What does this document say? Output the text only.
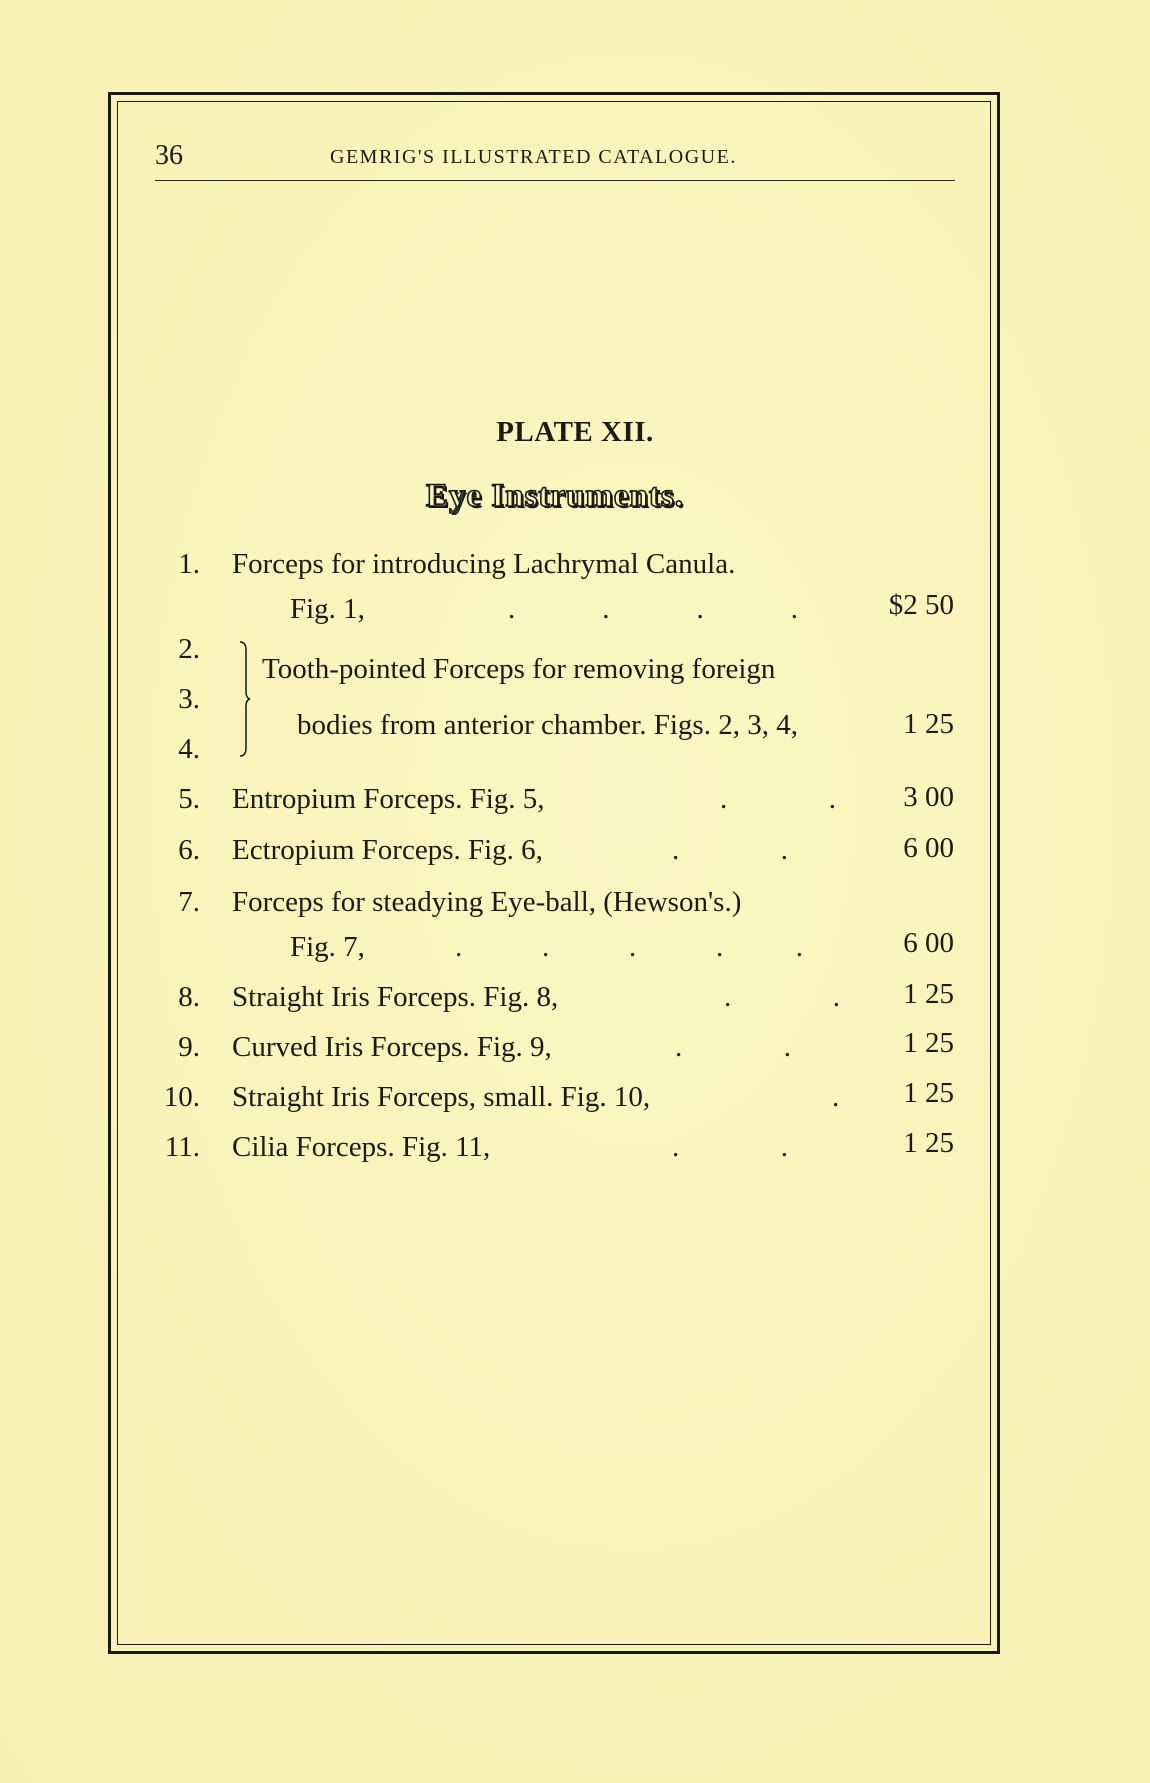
36	GEMRIG'S ILLUSTRATED CATALOGUE.
PLATE XII.
Eye Instruments.
1. Forceps for introducing Lachrymal Canula.
Fig. 1,	.            .            .            .	$2 50
2.
3.
4.
Tooth-pointed Forceps for removing foreign
bodies from anterior chamber. Figs. 2, 3, 4,	1 25
5. Entropium Forceps. Fig. 5,	.              .	3 00
6. Ectropium Forceps. Fig. 6,	.              .	6 00
7. Forceps for steadying Eye-ball, (Hewson's.)
Fig. 7,	.           .           .           .          .	6 00
8. Straight Iris Forceps. Fig. 8,	.              .	1 25
9. Curved Iris Forceps. Fig. 9,	.              .	1 25
10. Straight Iris Forceps, small. Fig. 10,	.	1 25
11. Cilia Forceps. Fig. 11,	.              .	1 25
